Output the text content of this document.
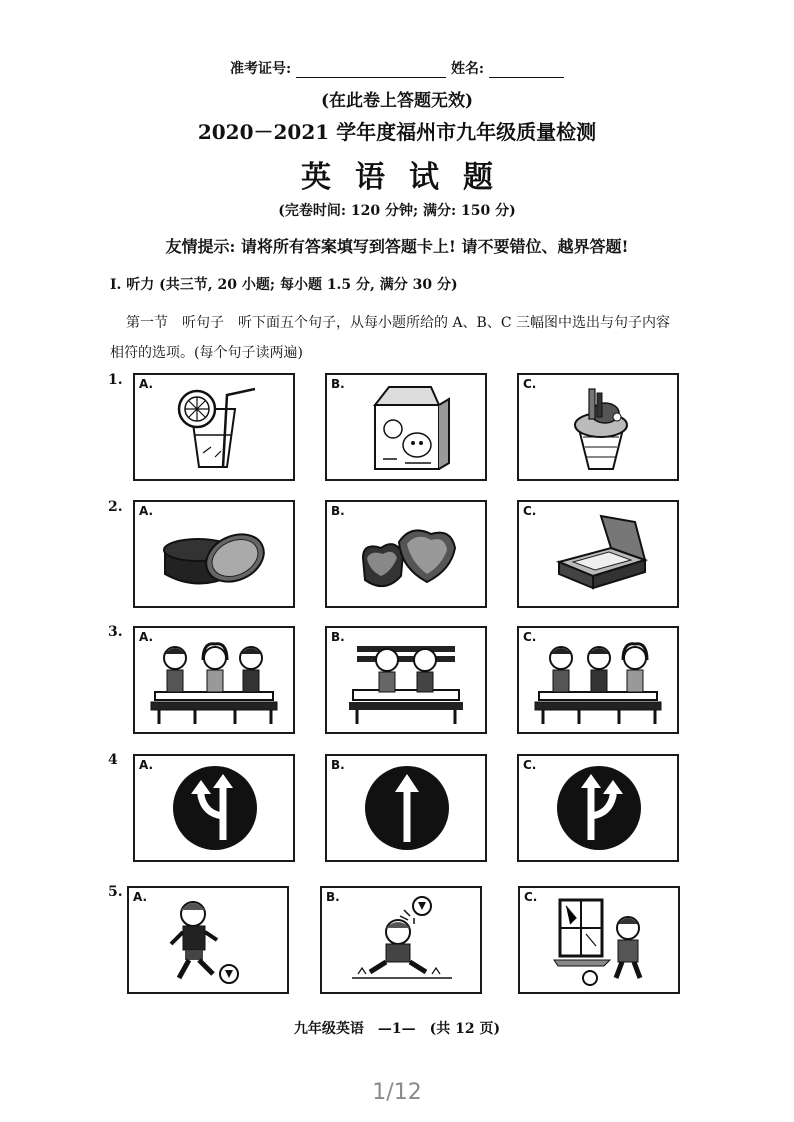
准考证号:	姓名:
(在此卷上答题无效)
2020－2021 学年度福州市九年级质量检测
英语试题
(完卷时间: 120 分钟; 满分: 150 分)
友情提示: 请将所有答案填写到答题卡上! 请不要错位、越界答题!
I. 听力 (共三节, 20 小题; 每小题 1.5 分, 满分 30 分)
第一节　听句子　听下面五个句子，从每小题所给的 A、B、C 三幅图中选出与句子内容
相符的选项。(每个句子读两遍)
1.
2.
3.
4
5.
A.	B.	C.
A.	B.	C.
A.	B.	C.
A.	B.	C.
A.	B.	C.
九年级英语　—1—　(共 12 页)
1/12
